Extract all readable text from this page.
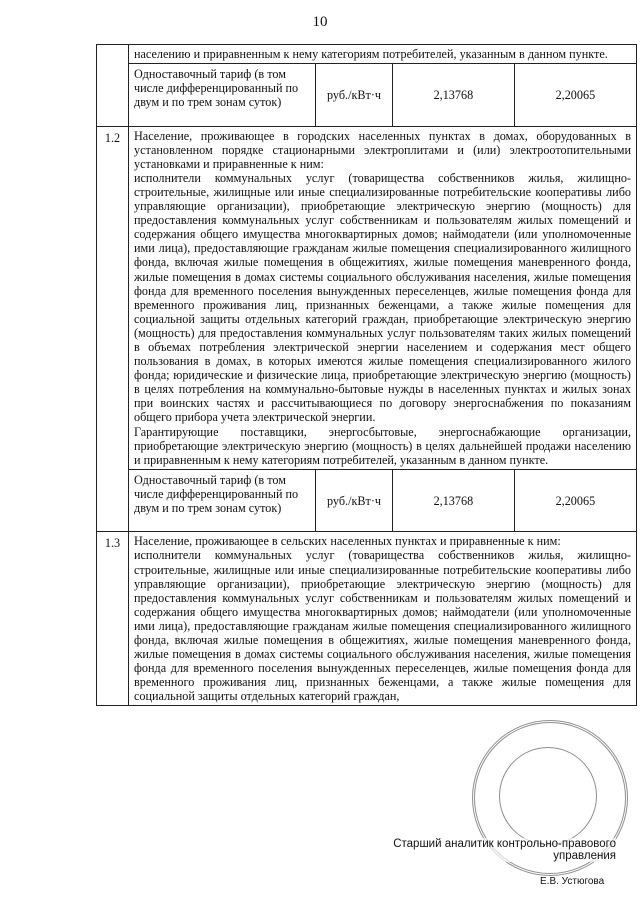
10

населению и приравненным к нему категориям потребителей, указанным в данном пункте.
Одноставочный тариф (в том числе дифференцированный по двум и по трем зонам суток)	руб./кВт·ч	2,13768	2,20065

1.2	Население, проживающее в городских населенных пунктах в домах, оборудованных в установленном порядке стационарными электроплитами и (или) электроотопительными установками и приравненные к ним:

исполнители коммунальных услуг (товарищества собственников жилья, жилищно-строительные, жилищные или иные специализированные потребительские кооперативы либо управляющие организации), приобретающие электрическую энергию (мощность) для предоставления коммунальных услуг собственникам и пользователям жилых помещений и содержания общего имущества многоквартирных домов; наймодатели (или уполномоченные ими лица), предоставляющие гражданам жилые помещения специализированного жилищного фонда, включая жилые помещения в общежитиях, жилые помещения маневренного фонда, жилые помещения в домах системы социального обслуживания населения, жилые помещения фонда для временного поселения вынужденных переселенцев, жилые помещения фонда для временного проживания лиц, признанных беженцами, а также жилые помещения для социальной защиты отдельных категорий граждан, приобретающие электрическую энергию (мощность) для предоставления коммунальных услуг пользователям таких жилых помещений в объемах потребления электрической энергии населением и содержания мест общего пользования в домах, в которых имеются жилые помещения специализированного жилого фонда; юридические и физические лица, приобретающие электрическую энергию (мощность) в целях потребления на коммунально-бытовые нужды в населенных пунктах и жилых зонах при воинских частях и рассчитывающиеся по договору энергоснабжения по показаниям общего прибора учета электрической энергии.

Гарантирующие поставщики, энергосбытовые, энергоснабжающие организации, приобретающие электрическую энергию (мощность) в целях дальнейшей продажи населению и приравненным к нему категориям потребителей, указанным в данном пункте.

Одноставочный тариф (в том числе дифференцированный по двум и по трем зонам суток)	руб./кВт·ч	2,13768	2,20065

1.3	Население, проживающее в сельских населенных пунктах и приравненные к ним:

исполнители коммунальных услуг (товарищества собственников жилья, жилищно-строительные, жилищные или иные специализированные потребительские кооперативы либо управляющие организации), приобретающие электрическую энергию (мощность) для предоставления коммунальных услуг собственникам и пользователям жилых помещений и содержания общего имущества многоквартирных домов; наймодатели (или уполномоченные ими лица), предоставляющие гражданам жилые помещения специализированного жилищного фонда, включая жилые помещения в общежитиях, жилые помещения маневренного фонда, жилые помещения в домах системы социального обслуживания населения, жилые помещения фонда для временного поселения вынужденных переселенцев, жилые помещения фонда для временного проживания лиц, признанных беженцами, а также жилые помещения для социальной защиты отдельных категорий граждан,

Старший аналитик контрольно-правового управления
Е.В. Устюгова
